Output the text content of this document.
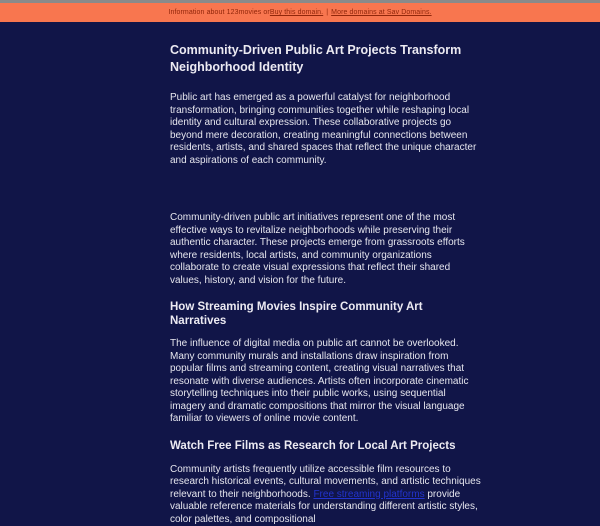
Information about 123movies or Buy this domain. | More domains at Sav Domains.
Community-Driven Public Art Projects Transform Neighborhood Identity

Public art has emerged as a powerful catalyst for neighborhood transformation, bringing communities together while reshaping local identity and cultural expression. These collaborative projects go beyond mere decoration, creating meaningful connections between residents, artists, and shared spaces that reflect the unique character and aspirations of each community.

Community-driven public art initiatives represent one of the most effective ways to revitalize neighborhoods while preserving their authentic character. These projects emerge from grassroots efforts where residents, local artists, and community organizations collaborate to create visual expressions that reflect their shared values, history, and vision for the future.

How Streaming Movies Inspire Community Art Narratives

The influence of digital media on public art cannot be overlooked. Many community murals and installations draw inspiration from popular films and streaming content, creating visual narratives that resonate with diverse audiences. Artists often incorporate cinematic storytelling techniques into their public works, using sequential imagery and dramatic compositions that mirror the visual language familiar to viewers of online movie content.

Watch Free Films as Research for Local Art Projects

Community artists frequently utilize accessible film resources to research historical events, cultural movements, and artistic techniques relevant to their neighborhoods. Free streaming platforms provide valuable reference materials for understanding different artistic styles, color palettes, and compositional
